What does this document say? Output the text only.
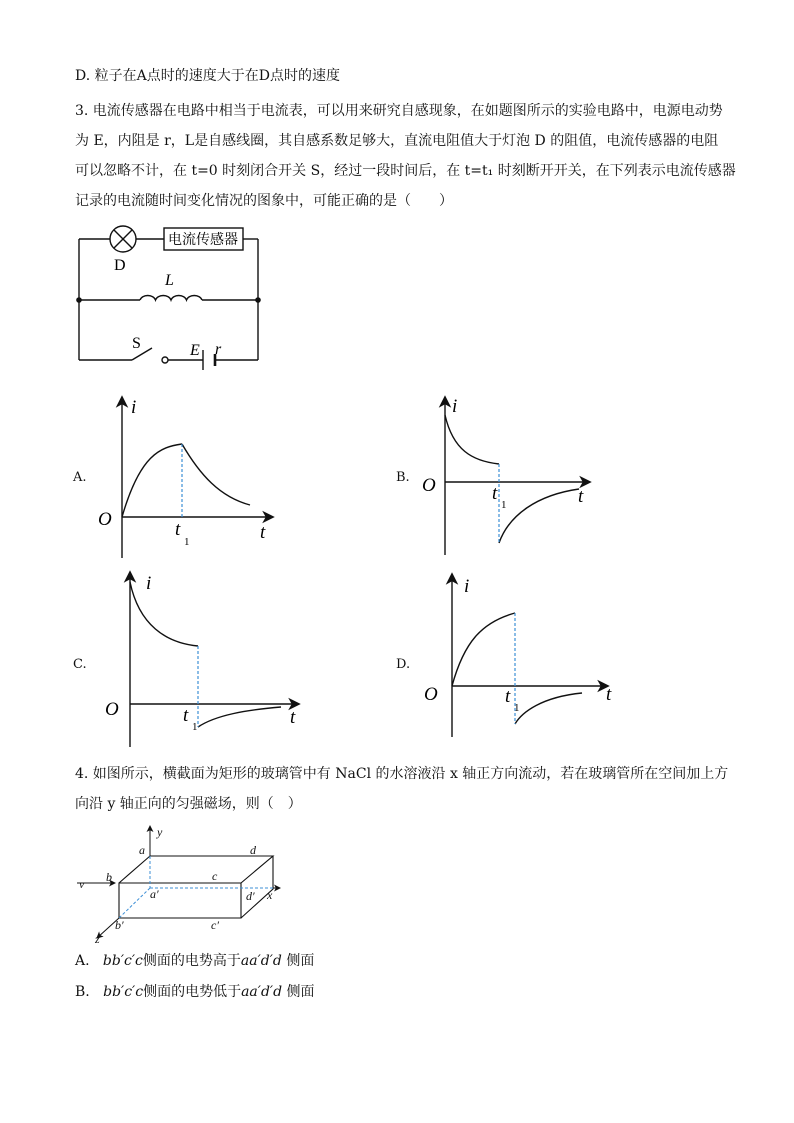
D. 粒子在A点时的速度大于在D点时的速度
3. 电流传感器在电路中相当于电流表，可以用来研究自感现象，在如题图所示的实验电路中，电源电动势
为 E，内阻是 r，L是自感线圈，其自感系数足够大，直流电阻值大于灯泡 D 的阻值，电流传感器的电阻
可以忽略不计，在 t=0 时刻闭合开关 S，经过一段时间后，在 t=t₁ 时刻断开开关，在下列表示电流传感器
记录的电流随时间变化情况的图象中，可能正确的是（　　）
电流传感器
D
L
S	E r
A.
i
t
O	t
1
B.
i
t
O	t
1
C.
i
t
O	t
1
D.
i
t
O	t
1
4. 如图所示，横截面为矩形的玻璃管中有 NaCl 的水溶液沿 x 轴正方向流动，若在玻璃管所在空间加上方
向沿 y 轴正向的匀强磁场，则（　）
y
a	d
b	c
a′	d′ x
v
b′	c′
z
A. bb′c′c侧面的电势高于aa′d′d 侧面
B. bb′c′c侧面的电势低于aa′d′d 侧面
